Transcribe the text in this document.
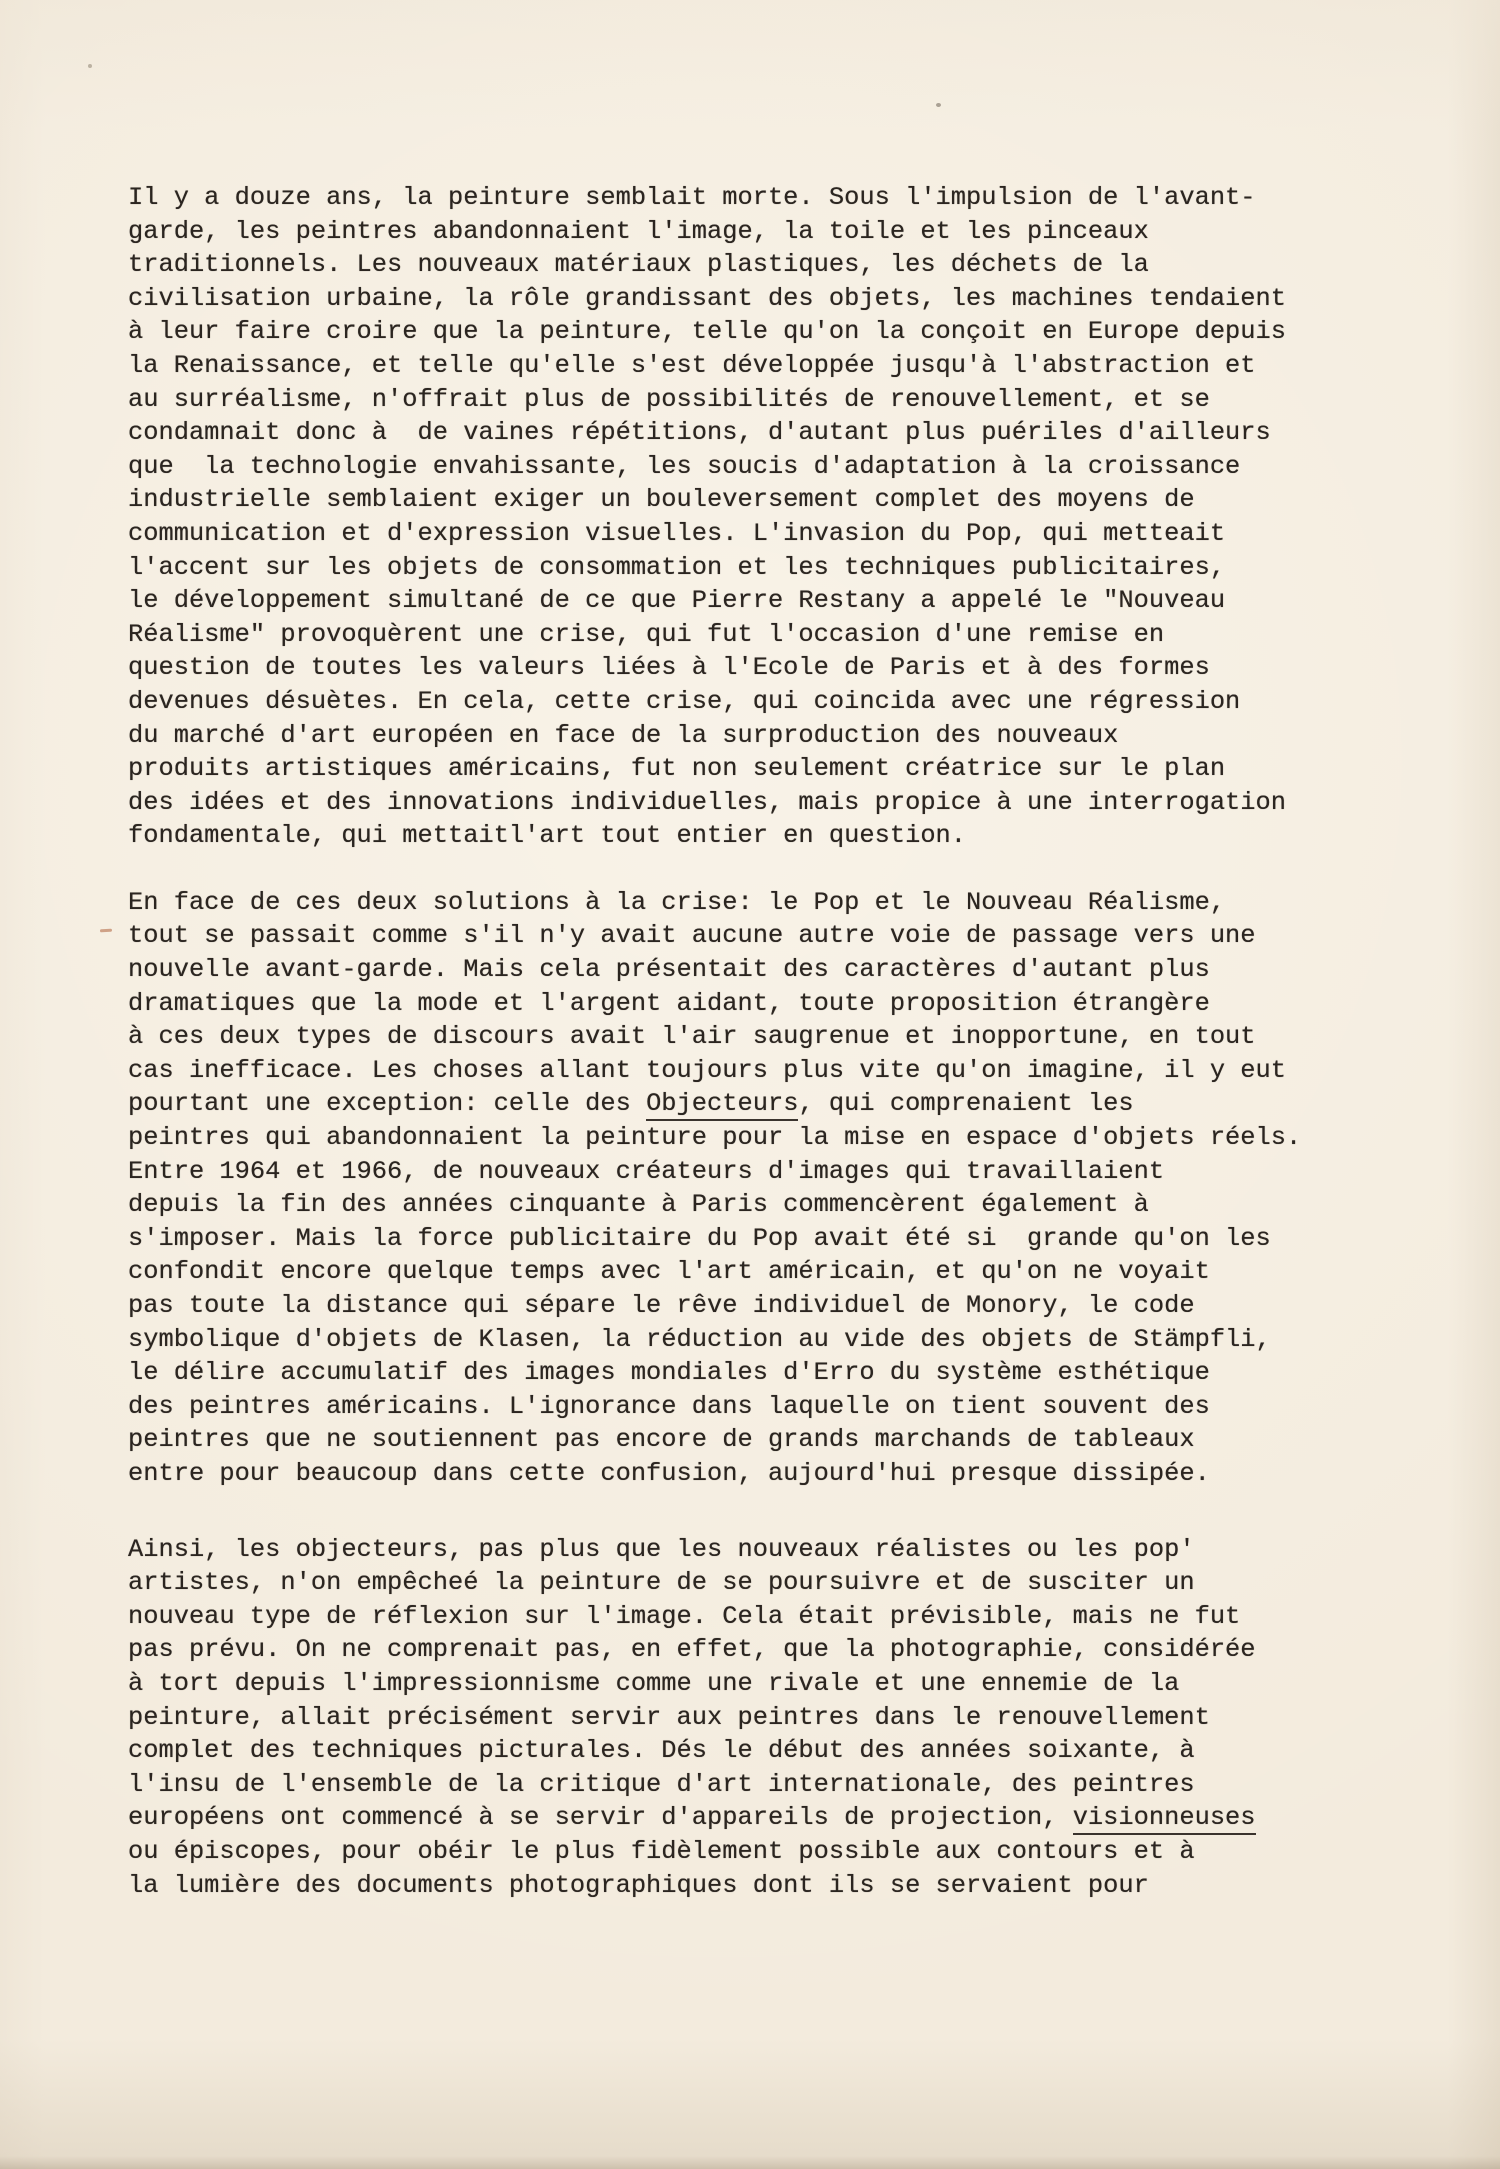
Il y a douze ans, la peinture semblait morte. Sous l'impulsion de l'avant-
garde, les peintres abandonnaient l'image, la toile et les pinceaux
traditionnels. Les nouveaux matériaux plastiques, les déchets de la
civilisation urbaine, la rôle grandissant des objets, les machines tendaient
à leur faire croire que la peinture, telle qu'on la conçoit en Europe depuis
la Renaissance, et telle qu'elle s'est développée jusqu'à l'abstraction et
au surréalisme, n'offrait plus de possibilités de renouvellement, et se
condamnait donc à  de vaines répétitions, d'autant plus puériles d'ailleurs
que  la technologie envahissante, les soucis d'adaptation à la croissance
industrielle semblaient exiger un bouleversement complet des moyens de
communication et d'expression visuelles. L'invasion du Pop, qui metteait
l'accent sur les objets de consommation et les techniques publicitaires,
le développement simultané de ce que Pierre Restany a appelé le "Nouveau
Réalisme" provoquèrent une crise, qui fut l'occasion d'une remise en
question de toutes les valeurs liées à l'Ecole de Paris et à des formes
devenues désuètes. En cela, cette crise, qui coincida avec une régression
du marché d'art européen en face de la surproduction des nouveaux
produits artistiques américains, fut non seulement créatrice sur le plan
des idées et des innovations individuelles, mais propice à une interrogation
fondamentale, qui mettaitl'art tout entier en question.
En face de ces deux solutions à la crise: le Pop et le Nouveau Réalisme,
tout se passait comme s'il n'y avait aucune autre voie de passage vers une
nouvelle avant-garde. Mais cela présentait des caractères d'autant plus
dramatiques que la mode et l'argent aidant, toute proposition étrangère
à ces deux types de discours avait l'air saugrenue et inopportune, en tout
cas inefficace. Les choses allant toujours plus vite qu'on imagine, il y eut
pourtant une exception: celle des Objecteurs, qui comprenaient les
peintres qui abandonnaient la peinture pour la mise en espace d'objets réels.
Entre 1964 et 1966, de nouveaux créateurs d'images qui travaillaient
depuis la fin des années cinquante à Paris commencèrent également à
s'imposer. Mais la force publicitaire du Pop avait été si  grande qu'on les
confondit encore quelque temps avec l'art américain, et qu'on ne voyait
pas toute la distance qui sépare le rêve individuel de Monory, le code
symbolique d'objets de Klasen, la réduction au vide des objets de Stämpfli,
le délire accumulatif des images mondiales d'Erro du système esthétique
des peintres américains. L'ignorance dans laquelle on tient souvent des
peintres que ne soutiennent pas encore de grands marchands de tableaux
entre pour beaucoup dans cette confusion, aujourd'hui presque dissipée.
Ainsi, les objecteurs, pas plus que les nouveaux réalistes ou les pop'
artistes, n'on empêcheé la peinture de se poursuivre et de susciter un
nouveau type de réflexion sur l'image. Cela était prévisible, mais ne fut
pas prévu. On ne comprenait pas, en effet, que la photographie, considérée
à tort depuis l'impressionnisme comme une rivale et une ennemie de la
peinture, allait précisément servir aux peintres dans le renouvellement
complet des techniques picturales. Dés le début des années soixante, à
l'insu de l'ensemble de la critique d'art internationale, des peintres
européens ont commencé à se servir d'appareils de projection, visionneuses
ou épiscopes, pour obéir le plus fidèlement possible aux contours et à
la lumière des documents photographiques dont ils se servaient pour
